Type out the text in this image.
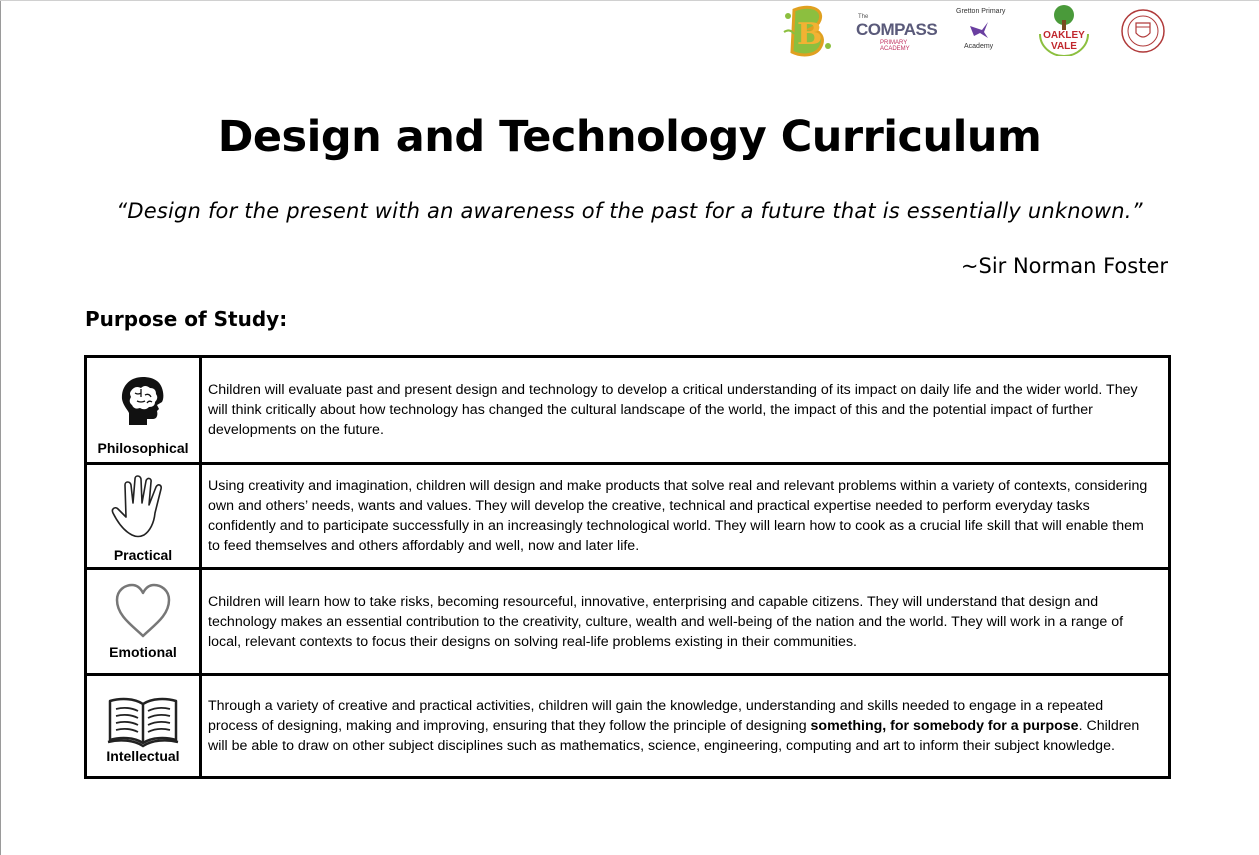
B	The
COMPASS
PRIMARY ACADEMY
Gretton Primary
Academy
OAKLEY VALE
Design and Technology Curriculum
“Design for the present with an awareness of the past for a future that is essentially unknown.”
~Sir Norman Foster
Purpose of Study:
Philosophical	Children will evaluate past and present design and technology to develop a critical understanding of its impact on daily life and the wider world. They will think critically about how technology has changed the cultural landscape of the world, the impact of this and the potential impact of further developments on the future.

Practical	Using creativity and imagination, children will design and make products that solve real and relevant problems within a variety of contexts, considering own and others’ needs, wants and values. They will develop the creative, technical and practical expertise needed to perform everyday tasks confidently and to participate successfully in an increasingly technological world. They will learn how to cook as a crucial life skill that will enable them to feed themselves and others affordably and well, now and later life.

Emotional	Children will learn how to take risks, becoming resourceful, innovative, enterprising and capable citizens. They will understand that design and technology makes an essential contribution to the creativity, culture, wealth and well-being of the nation and the world. They will work in a range of local, relevant contexts to focus their designs on solving real-life problems existing in their communities.

Intellectual	Through a variety of creative and practical activities, children will gain the knowledge, understanding and skills needed to engage in a repeated process of designing, making and improving, ensuring that they follow the principle of designing something, for somebody for a purpose. Children will be able to draw on other subject disciplines such as mathematics, science, engineering, computing and art to inform their subject knowledge.
